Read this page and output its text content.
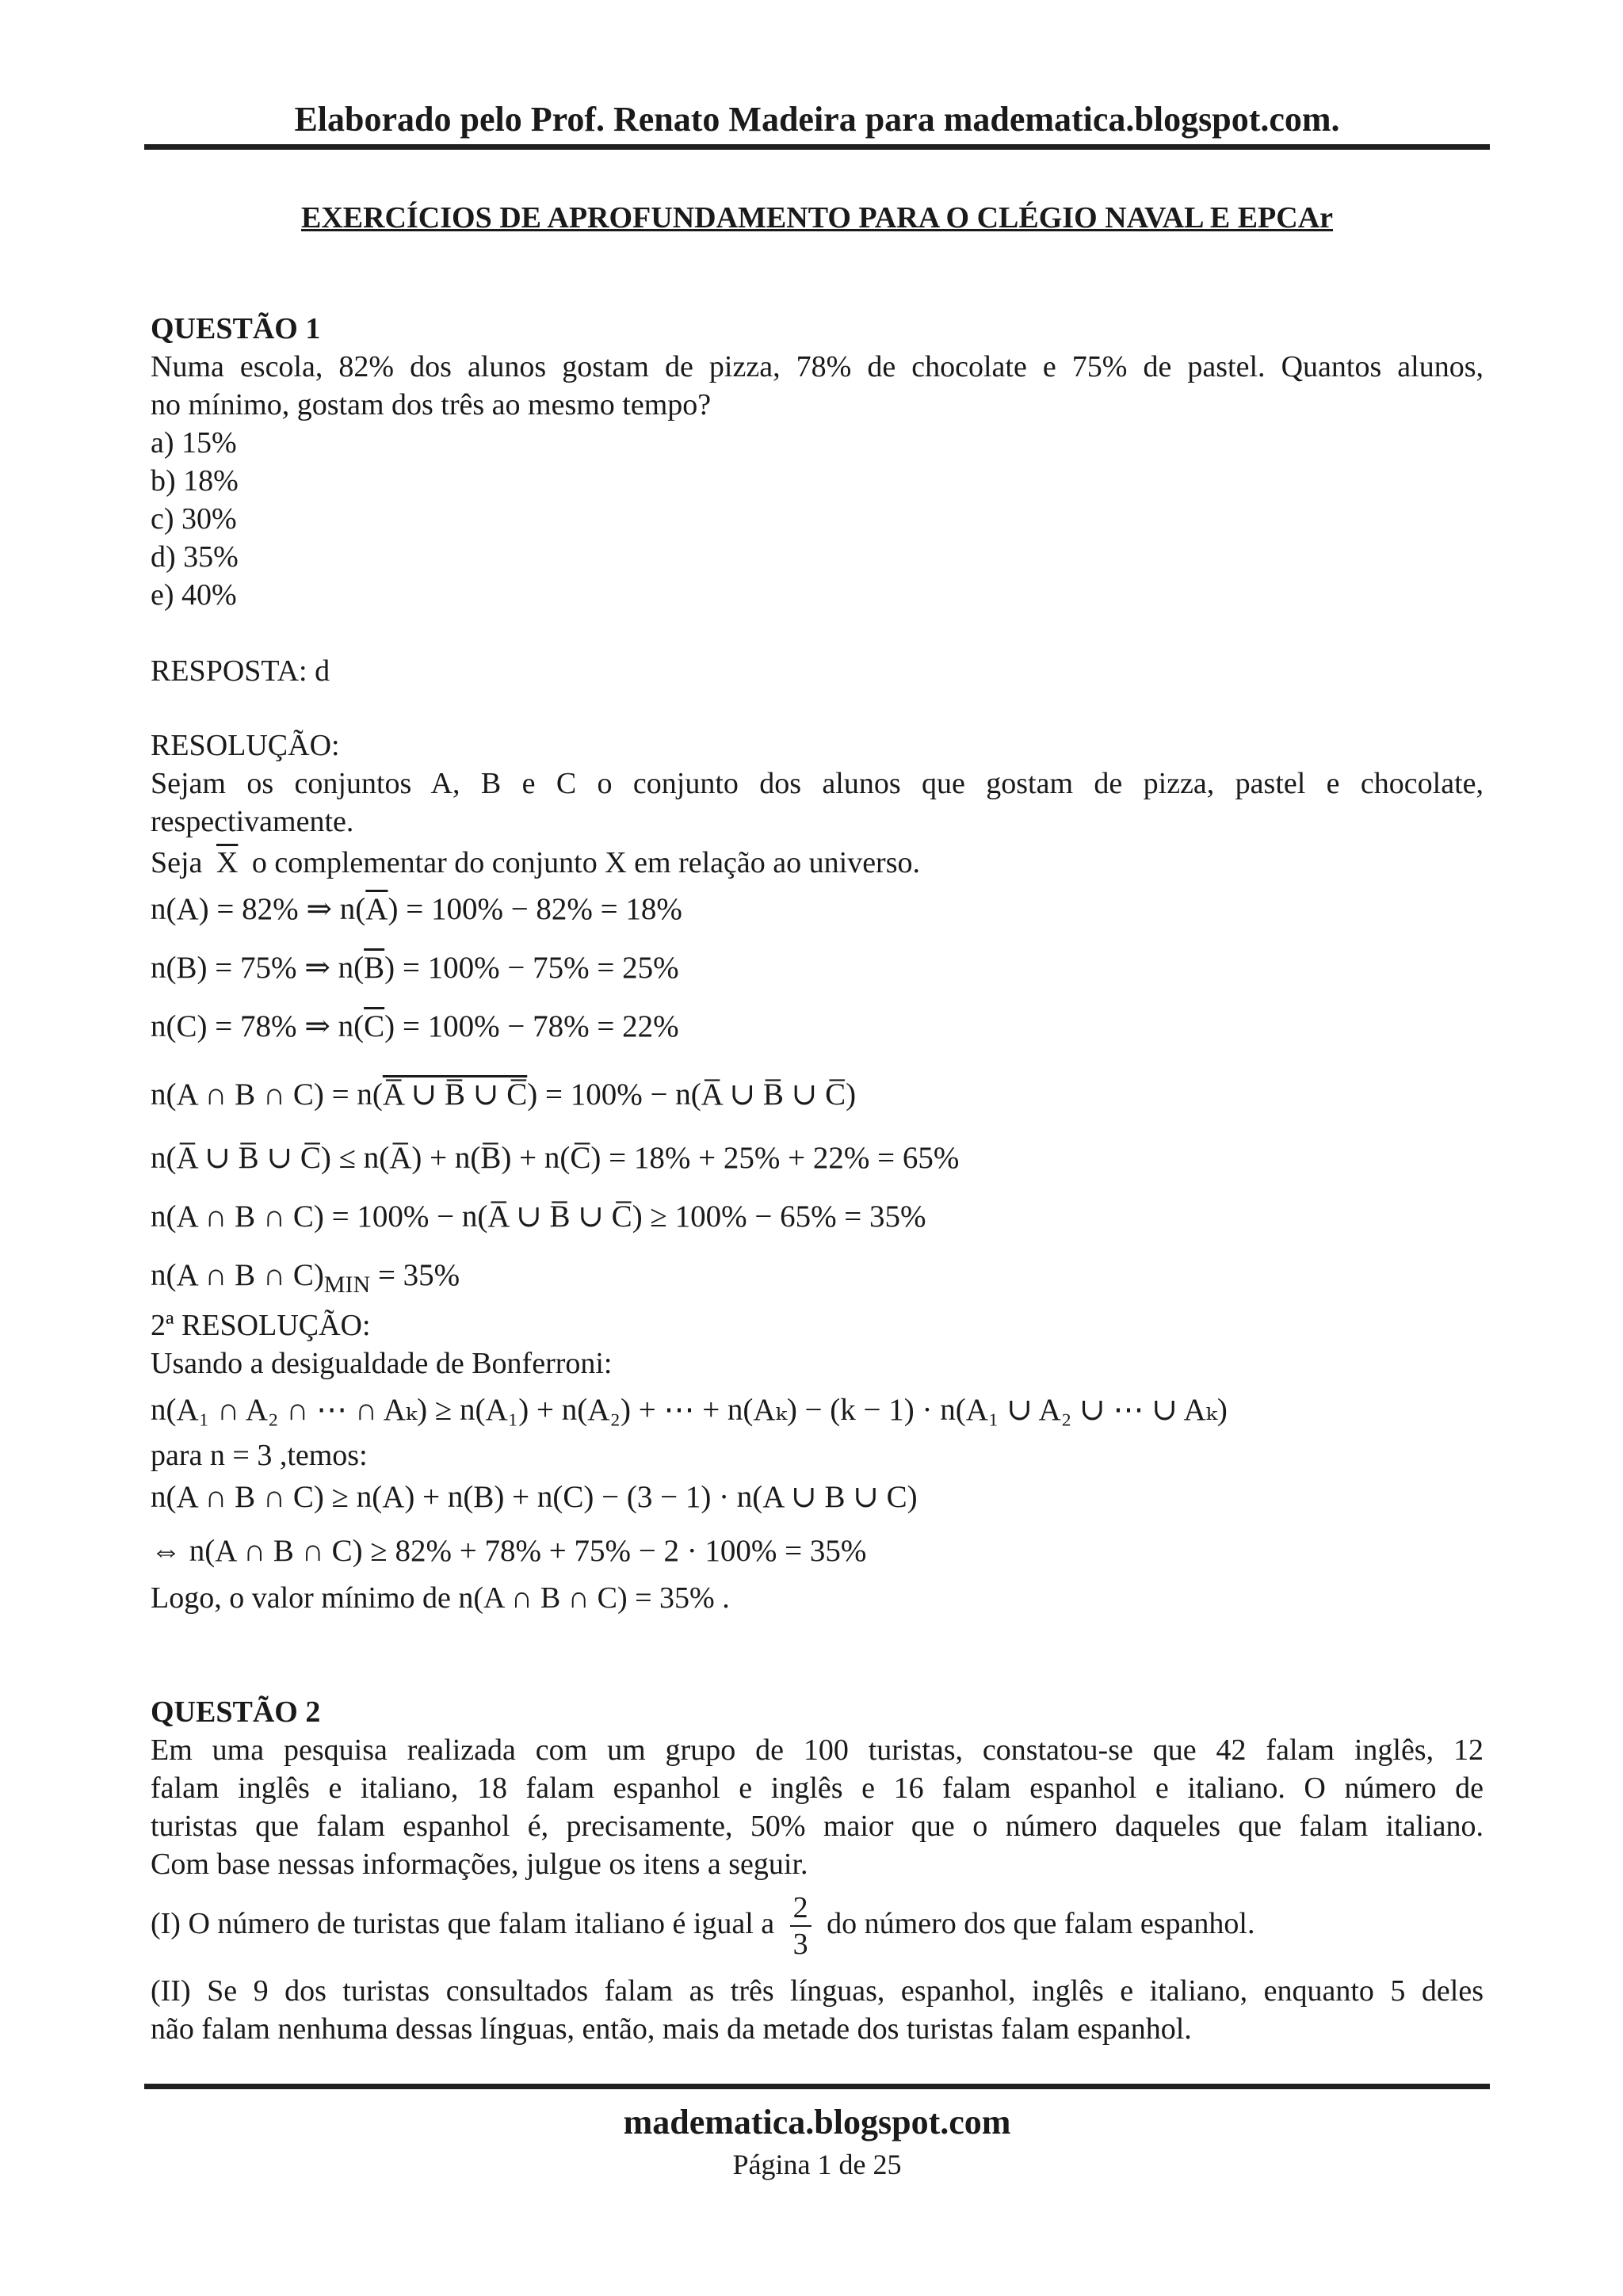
Elaborado pelo Prof. Renato Madeira para madematica.blogspot.com.
EXERCÍCIOS DE APROFUNDAMENTO PARA O CLÉGIO NAVAL E EPCAr
QUESTÃO 1
Numa escola, 82% dos alunos gostam de pizza, 78% de chocolate e 75% de pastel. Quantos alunos,
no mínimo, gostam dos três ao mesmo tempo?
a) 15%
b) 18%
c) 30%
d) 35%
e) 40%
RESPOSTA: d
RESOLUÇÃO:
Sejam os conjuntos A, B e C o conjunto dos alunos que gostam de pizza, pastel e chocolate,
respectivamente.
Seja $\overline{X}$ o complementar do conjunto X em relação ao universo.
n(A) = 82% ⇒ $n(\overline{A}) = 100\% - 82\% = 18\%$
n(B) = 75% ⇒ $n(\overline{B}) = 100\% - 75\% = 25\%$
n(C) = 78% ⇒ $n(\overline{C}) = 100\% - 78\% = 22\%$
n(A ∩ B ∩ C) = n(A̅ ∪ B̅ ∪ C̅) = 100% − n(A̅ ∪ B̅ ∪ C̅)
n(A̅ ∪ B̅ ∪ C̅) ≤ n(A̅) + n(B̅) + n(C̅) = 18% + 25% + 22% = 65%
n(A ∩ B ∩ C) = 100% − n(A̅ ∪ B̅ ∪ C̅) ≥ 100% − 65% = 35%
n(A ∩ B ∩ $C)_{MIN} = 35\%$
2ª RESOLUÇÃO:
Usando a desigualdade de Bonferroni:
n(A₁ ∩ A₂ ∩ ⋯ ∩ Aₖ) ≥ n(A₁) + n(A₂) + ⋯ + n(Aₖ) − (k − 1) · n(A₁ ∪ A₂ ∪ ⋯ ∪ Aₖ)
para n = 3 ,temos:
n(A ∩ B ∩ C) ≥ n(A) + n(B) + n(C) − (3 − 1) · n(A ∪ B ∪ C)
⇔ n(A ∩ B ∩ C) ≥ 82% + 78% + 75% − 2 · 100% = 35%
Logo, o valor mínimo de n(A ∩ B ∩ C) = 35% .
QUESTÃO 2
Em uma pesquisa realizada com um grupo de 100 turistas, constatou-se que 42 falam inglês, 12
falam inglês e italiano, 18 falam espanhol e inglês e 16 falam espanhol e italiano. O número de
turistas que falam espanhol é, precisamente, 50% maior que o número daqueles que falam italiano.
Com base nessas informações, julgue os itens a seguir.
(I) O número de turistas que falam italiano é igual a $\frac{2}{3}$ do número dos que falam espanhol.
(II) Se 9 dos turistas consultados falam as três línguas, espanhol, inglês e italiano, enquanto 5 deles
não falam nenhuma dessas línguas, então, mais da metade dos turistas falam espanhol.
madematica.blogspot.com
Página 1 de 25
